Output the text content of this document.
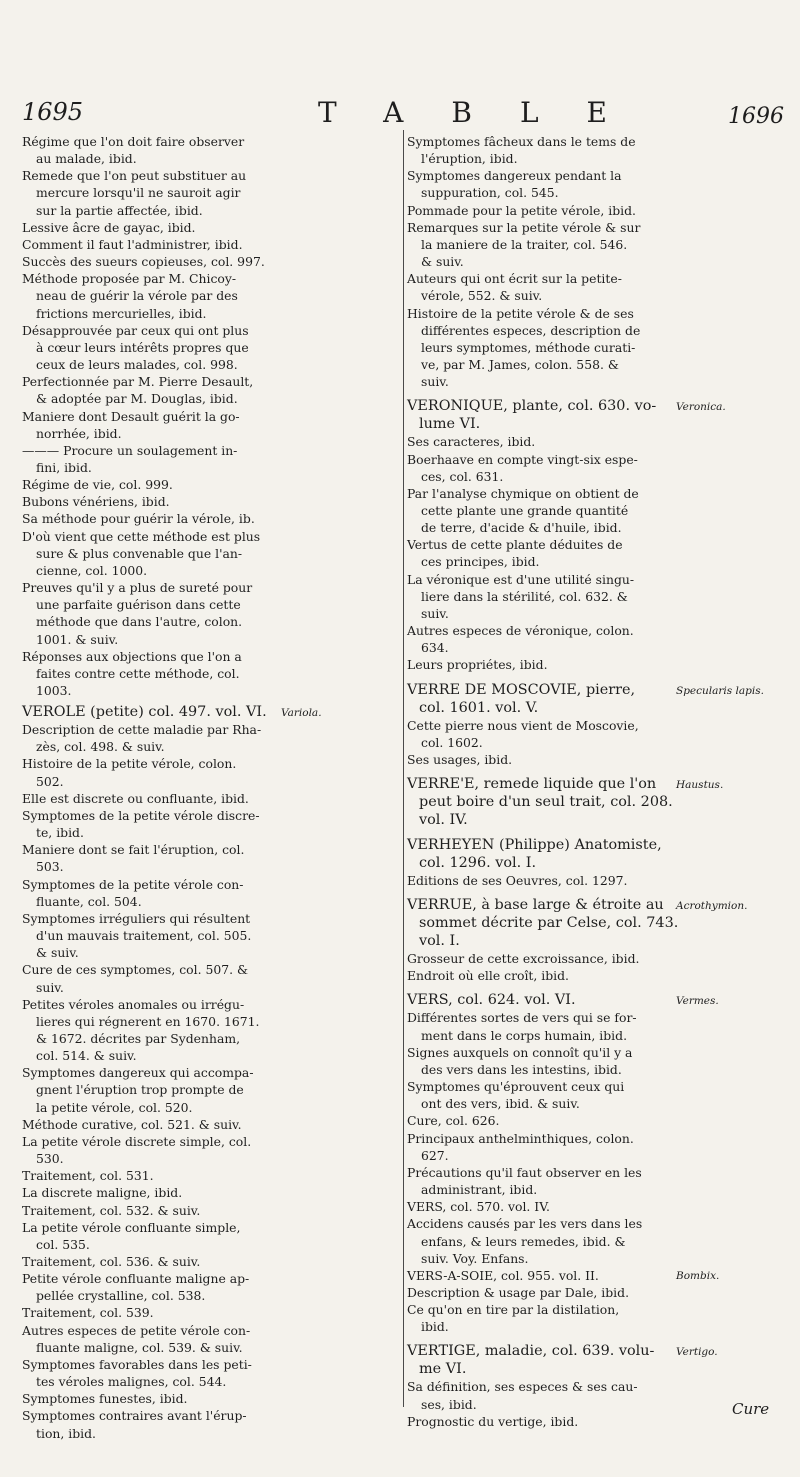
1695	TABLE	1696
Régime que l'on doit faire observer
au malade, ibid.
Remede que l'on peut substituer au
mercure lorsqu'il ne sauroit agir
sur la partie affectée, ibid.
Lessive âcre de gayac, ibid.
Comment il faut l'administrer, ibid.
Succès des sueurs copieuses, col. 997.
Méthode proposée par M. Chicoy-
neau de guérir la vérole par des
frictions mercurielles, ibid.
Désapprouvée par ceux qui ont plus
à cœur leurs intérêts propres que
ceux de leurs malades, col. 998.
Perfectionnée par M. Pierre Desault,
& adoptée par M. Douglas, ibid.
Maniere dont Desault guérit la go-
norrhée, ibid.
——— Procure un soulagement in-
fini, ibid.
Régime de vie, col. 999.
Bubons vénériens, ibid.
Sa méthode pour guérir la vérole, ib.
D'où vient que cette méthode est plus
sure & plus convenable que l'an-
cienne, col. 1000.
Preuves qu'il y a plus de sureté pour
une parfaite guérison dans cette
méthode que dans l'autre, colon.
1001. & suiv.
Réponses aux objections que l'on a
faites contre cette méthode, col.
1003.
VEROLE (petite) col. 497. vol. VI. Variola.
Description de cette maladie par Rha-
zès, col. 498. & suiv.
Histoire de la petite vérole, colon.
502.
Elle est discrete ou confluante, ibid.
Symptomes de la petite vérole discre-
te, ibid.
Maniere dont se fait l'éruption, col.
503.
Symptomes de la petite vérole con-
fluante, col. 504.
Symptomes irréguliers qui résultent
d'un mauvais traitement, col. 505.
& suiv.
Cure de ces symptomes, col. 507. &
suiv.
Petites véroles anomales ou irrégu-
lieres qui régnerent en 1670. 1671.
& 1672. décrites par Sydenham,
col. 514. & suiv.
Symptomes dangereux qui accompa-
gnent l'éruption trop prompte de
la petite vérole, col. 520.
Méthode curative, col. 521. & suiv.
La petite vérole discrete simple, col.
530.
Traitement, col. 531.
La discrete maligne, ibid.
Traitement, col. 532. & suiv.
La petite vérole confluante simple,
col. 535.
Traitement, col. 536. & suiv.
Petite vérole confluante maligne ap-
pellée crystalline, col. 538.
Traitement, col. 539.
Autres especes de petite vérole con-
fluante maligne, col. 539. & suiv.
Symptomes favorables dans les peti-
tes véroles malignes, col. 544.
Symptomes funestes, ibid.
Symptomes contraires avant l'érup-
tion, ibid.
Symptomes fâcheux dans le tems de
l'éruption, ibid.
Symptomes dangereux pendant la
suppuration, col. 545.
Pommade pour la petite vérole, ibid.
Remarques sur la petite vérole & sur
la maniere de la traiter, col. 546.
& suiv.
Auteurs qui ont écrit sur la petite-
vérole, 552. & suiv.
Histoire de la petite vérole & de ses
différentes especes, description de
leurs symptomes, méthode curati-
ve, par M. James, colon. 558. &
suiv.
VERONIQUE, plante, col. 630. vo-
lume VI.
Veronica.
Ses caracteres, ibid.
Boerhaave en compte vingt-six espe-
ces, col. 631.
Par l'analyse chymique on obtient de
cette plante une grande quantité
de terre, d'acide & d'huile, ibid.
Vertus de cette plante déduites de
ces principes, ibid.
La véronique est d'une utilité singu-
liere dans la stérilité, col. 632. &
suiv.
Autres especes de véronique, colon.
634.
Leurs propriétes, ibid.
VERRE DE MOSCOVIE, pierre,
col. 1601. vol. V.
Specularis lapis.
Cette pierre nous vient de Moscovie,
col. 1602.
Ses usages, ibid.
VERRE'E, remede liquide que l'on
peut boire d'un seul trait, col. 208.
vol. IV.
Haustus.
VERHEYEN (Philippe) Anatomiste,
col. 1296. vol. I.
Editions de ses Oeuvres, col. 1297.
VERRUE, à base large & étroite au
sommet décrite par Celse, col. 743.
vol. I.
Acrothymion.
Grosseur de cette excroissance, ibid.
Endroit où elle croît, ibid.
VERS, col. 624. vol. VI.	Vermes.
Différentes sortes de vers qui se for-
ment dans le corps humain, ibid.
Signes auxquels on connoît qu'il y a
des vers dans les intestins, ibid.
Symptomes qu'éprouvent ceux qui
ont des vers, ibid. & suiv.
Cure, col. 626.
Principaux anthelminthiques, colon.
627.
Précautions qu'il faut observer en les
administrant, ibid.
VERS, col. 570. vol. IV.
Accidens causés par les vers dans les
enfans, & leurs remedes, ibid. &
suiv. Voy. Enfans.
VERS-A-SOIE, col. 955. vol. II.	Bombix.
Description & usage par Dale, ibid.
Ce qu'on en tire par la distilation,
ibid.
VERTIGE, maladie, col. 639. volu-
me VI.
Vertigo.
Sa définition, ses especes & ses cau-
ses, ibid.
Prognostic du vertige, ibid.
Cure
